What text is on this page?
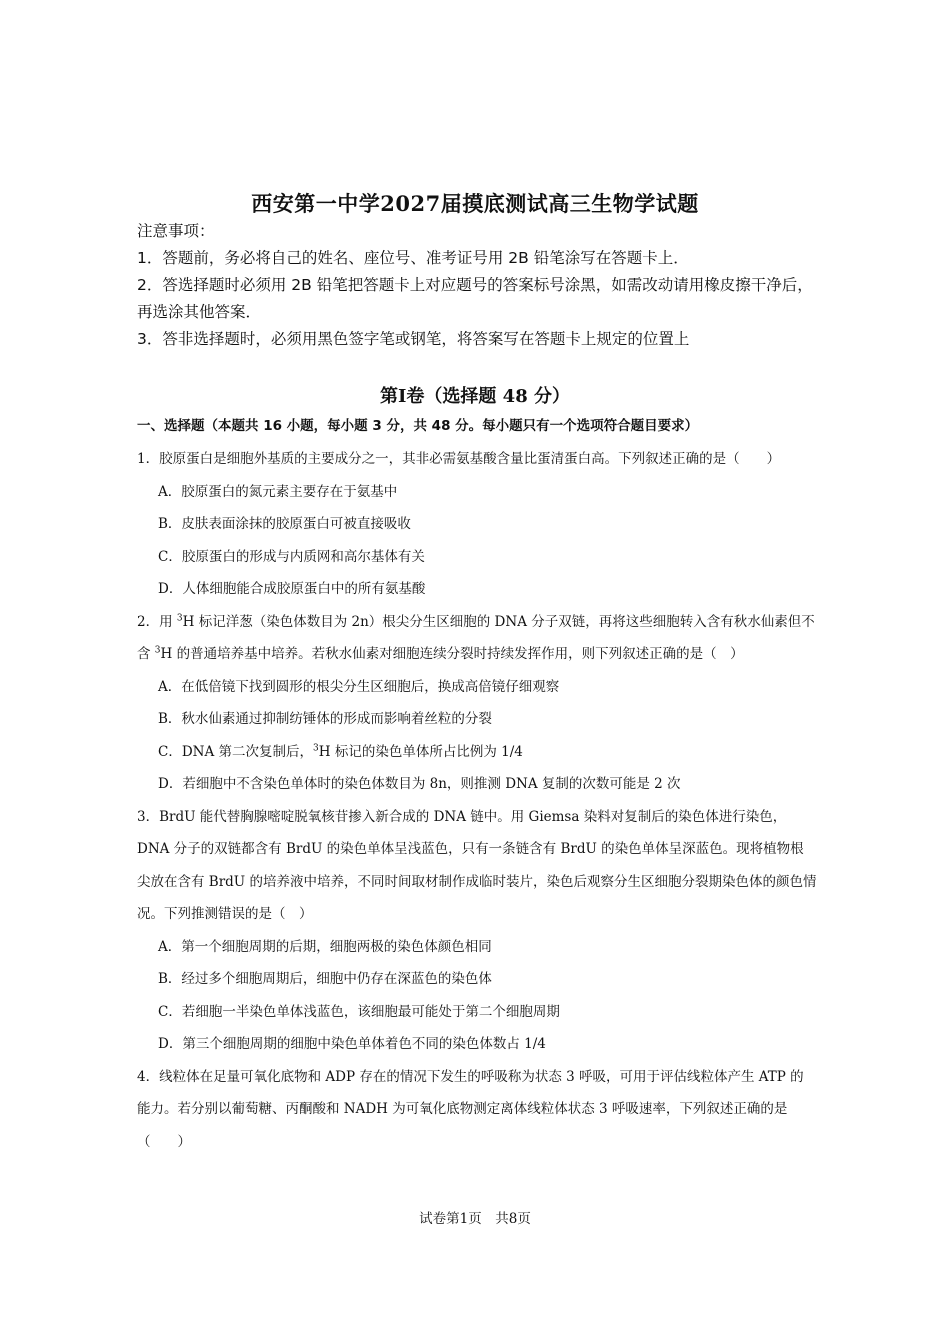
西安第一中学2027届摸底测试高三生物学试题
注意事项：
1．答题前，务必将自己的姓名、座位号、准考证号用 2B 铅笔涂写在答题卡上．
2．答选择题时必须用 2B 铅笔把答题卡上对应题号的答案标号涂黑，如需改动请用橡皮擦干净后，再选涂其他答案．
3．答非选择题时，必须用黑色签字笔或钢笔，将答案写在答题卡上规定的位置上
第Ⅰ卷（选择题 48 分）
一、选择题（本题共 16 小题，每小题 3 分，共 48 分。每小题只有一个选项符合题目要求）
1．胶原蛋白是细胞外基质的主要成分之一，其非必需氨基酸含量比蛋清蛋白高。下列叙述正确的是（　　）
A．胶原蛋白的氮元素主要存在于氨基中
B．皮肤表面涂抹的胶原蛋白可被直接吸收
C．胶原蛋白的形成与内质网和高尔基体有关
D．人体细胞能合成胶原蛋白中的所有氨基酸
2．用 $^3$H 标记洋葱（染色体数目为 2n）根尖分生区细胞的 DNA 分子双链，再将这些细胞转入含有秋水仙素但不含 $^3$H 的普通培养基中培养。若秋水仙素对细胞连续分裂时持续发挥作用，则下列叙述正确的是（　）
A．在低倍镜下找到圆形的根尖分生区细胞后，换成高倍镜仔细观察
B．秋水仙素通过抑制纺锤体的形成而影响着丝粒的分裂
C．DNA 第二次复制后，$^3$H 标记的染色单体所占比例为 1/4
D．若细胞中不含染色单体时的染色体数目为 8n，则推测 DNA 复制的次数可能是 2 次
3．BrdU 能代替胸腺嘧啶脱氧核苷掺入新合成的 DNA 链中。用 Giemsa 染料对复制后的染色体进行染色，DNA 分子的双链都含有 BrdU 的染色单体呈浅蓝色，只有一条链含有 BrdU 的染色单体呈深蓝色。现将植物根尖放在含有 BrdU 的培养液中培养，不同时间取材制作成临时装片，染色后观察分生区细胞分裂期染色体的颜色情况。下列推测错误的是（　）
A．第一个细胞周期的后期，细胞两极的染色体颜色相同
B．经过多个细胞周期后，细胞中仍存在深蓝色的染色体
C．若细胞一半染色单体浅蓝色，该细胞最可能处于第二个细胞周期
D．第三个细胞周期的细胞中染色单体着色不同的染色体数占 1/4
4．线粒体在足量可氧化底物和 ADP 存在的情况下发生的呼吸称为状态 3 呼吸，可用于评估线粒体产生 ATP 的能力。若分别以葡萄糖、丙酮酸和 NADH 为可氧化底物测定离体线粒体状态 3 呼吸速率，下列叙述正确的是（　　）
试卷第1页　共8页
